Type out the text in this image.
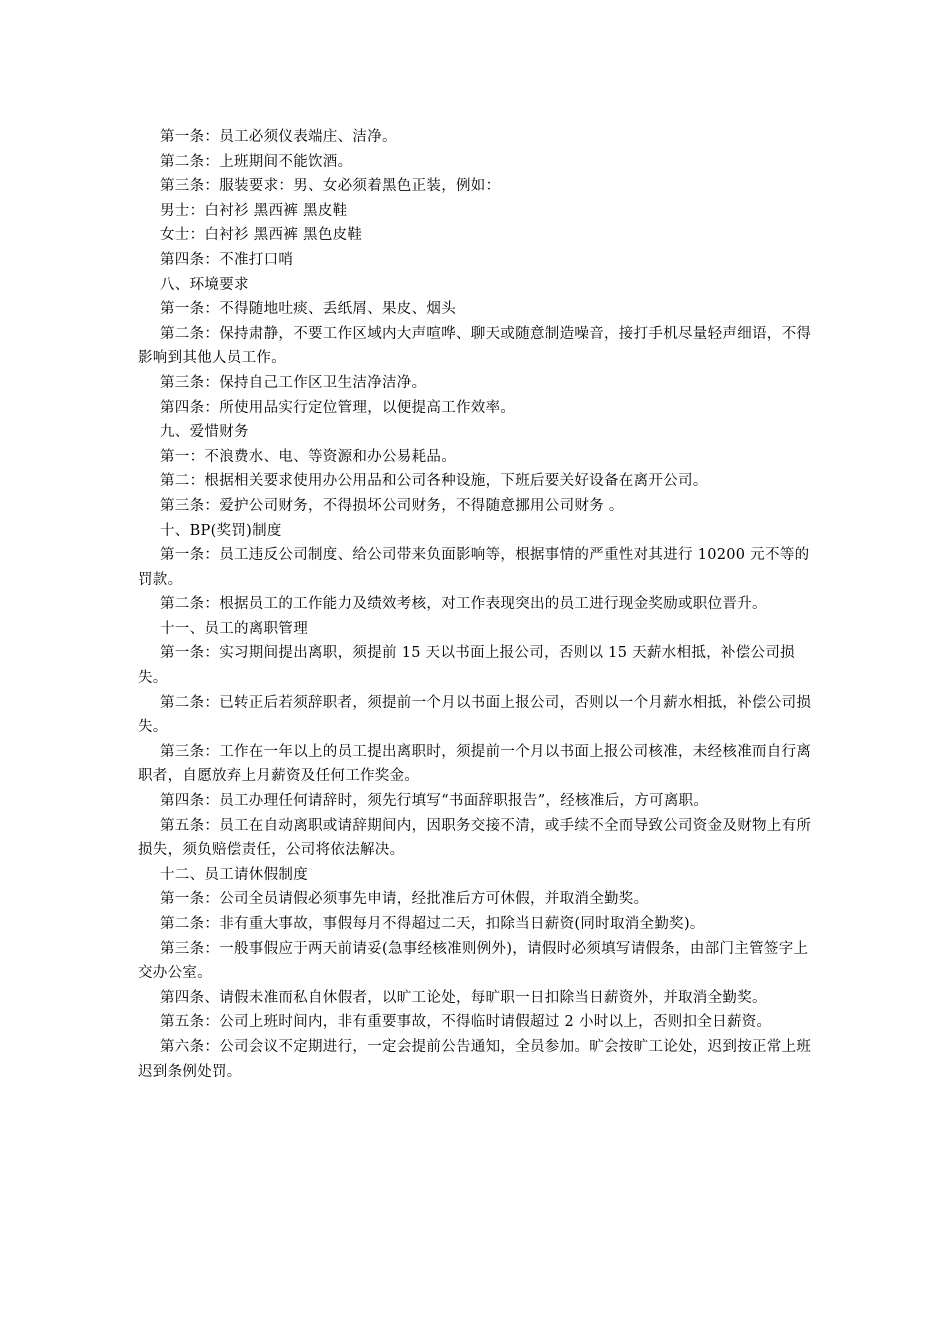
第一条：员工必须仪表端庄、洁净。

第二条：上班期间不能饮酒。

第三条：服装要求：男、女必须着黑色正装，例如：

男士：白衬衫 黑西裤 黑皮鞋

女士：白衬衫 黑西裤 黑色皮鞋

第四条：不准打口哨

八、环境要求

第一条：不得随地吐痰、丢纸屑、果皮、烟头

第二条：保持肃静，不要工作区域内大声喧哗、聊天或随意制造噪音，接打手机尽量轻声细语，不得影响到其他人员工作。

第三条：保持自己工作区卫生洁净洁净。

第四条：所使用品实行定位管理，以便提高工作效率。

九、爱惜财务

第一：不浪费水、电、等资源和办公易耗品。

第二：根据相关要求使用办公用品和公司各种设施，下班后要关好设备在离开公司。

第三条：爱护公司财务，不得损坏公司财务，不得随意挪用公司财务 。

十、BP(奖罚)制度

第一条：员工违反公司制度、给公司带来负面影响等，根据事情的严重性对其进行 10200 元不等的罚款。

第二条：根据员工的工作能力及绩效考核，对工作表现突出的员工进行现金奖励或职位晋升。

十一、员工的离职管理

第一条：实习期间提出离职，须提前 15 天以书面上报公司，否则以 15 天薪水相抵，补偿公司损失。

第二条：已转正后若须辞职者，须提前一个月以书面上报公司，否则以一个月薪水相抵，补偿公司损失。

第三条：工作在一年以上的员工提出离职时，须提前一个月以书面上报公司核准，未经核准而自行离职者，自愿放弃上月薪资及任何工作奖金。

第四条：员工办理任何请辞时，须先行填写“书面辞职报告”，经核准后，方可离职。

第五条：员工在自动离职或请辞期间内，因职务交接不清，或手续不全而导致公司资金及财物上有所损失，须负赔偿责任，公司将依法解决。

十二、员工请休假制度

第一条：公司全员请假必须事先申请，经批准后方可休假，并取消全勤奖。

第二条：非有重大事故，事假每月不得超过二天，扣除当日薪资(同时取消全勤奖)。

第三条：一般事假应于两天前请妥(急事经核准则例外)，请假时必须填写请假条，由部门主管签字上交办公室。

第四条、请假未准而私自休假者，以旷工论处，每旷职一日扣除当日薪资外，并取消全勤奖。

第五条：公司上班时间内，非有重要事故，不得临时请假超过 2 小时以上，否则扣全日薪资。

第六条：公司会议不定期进行，一定会提前公告通知，全员参加。旷会按旷工论处，迟到按正常上班迟到条例处罚。
